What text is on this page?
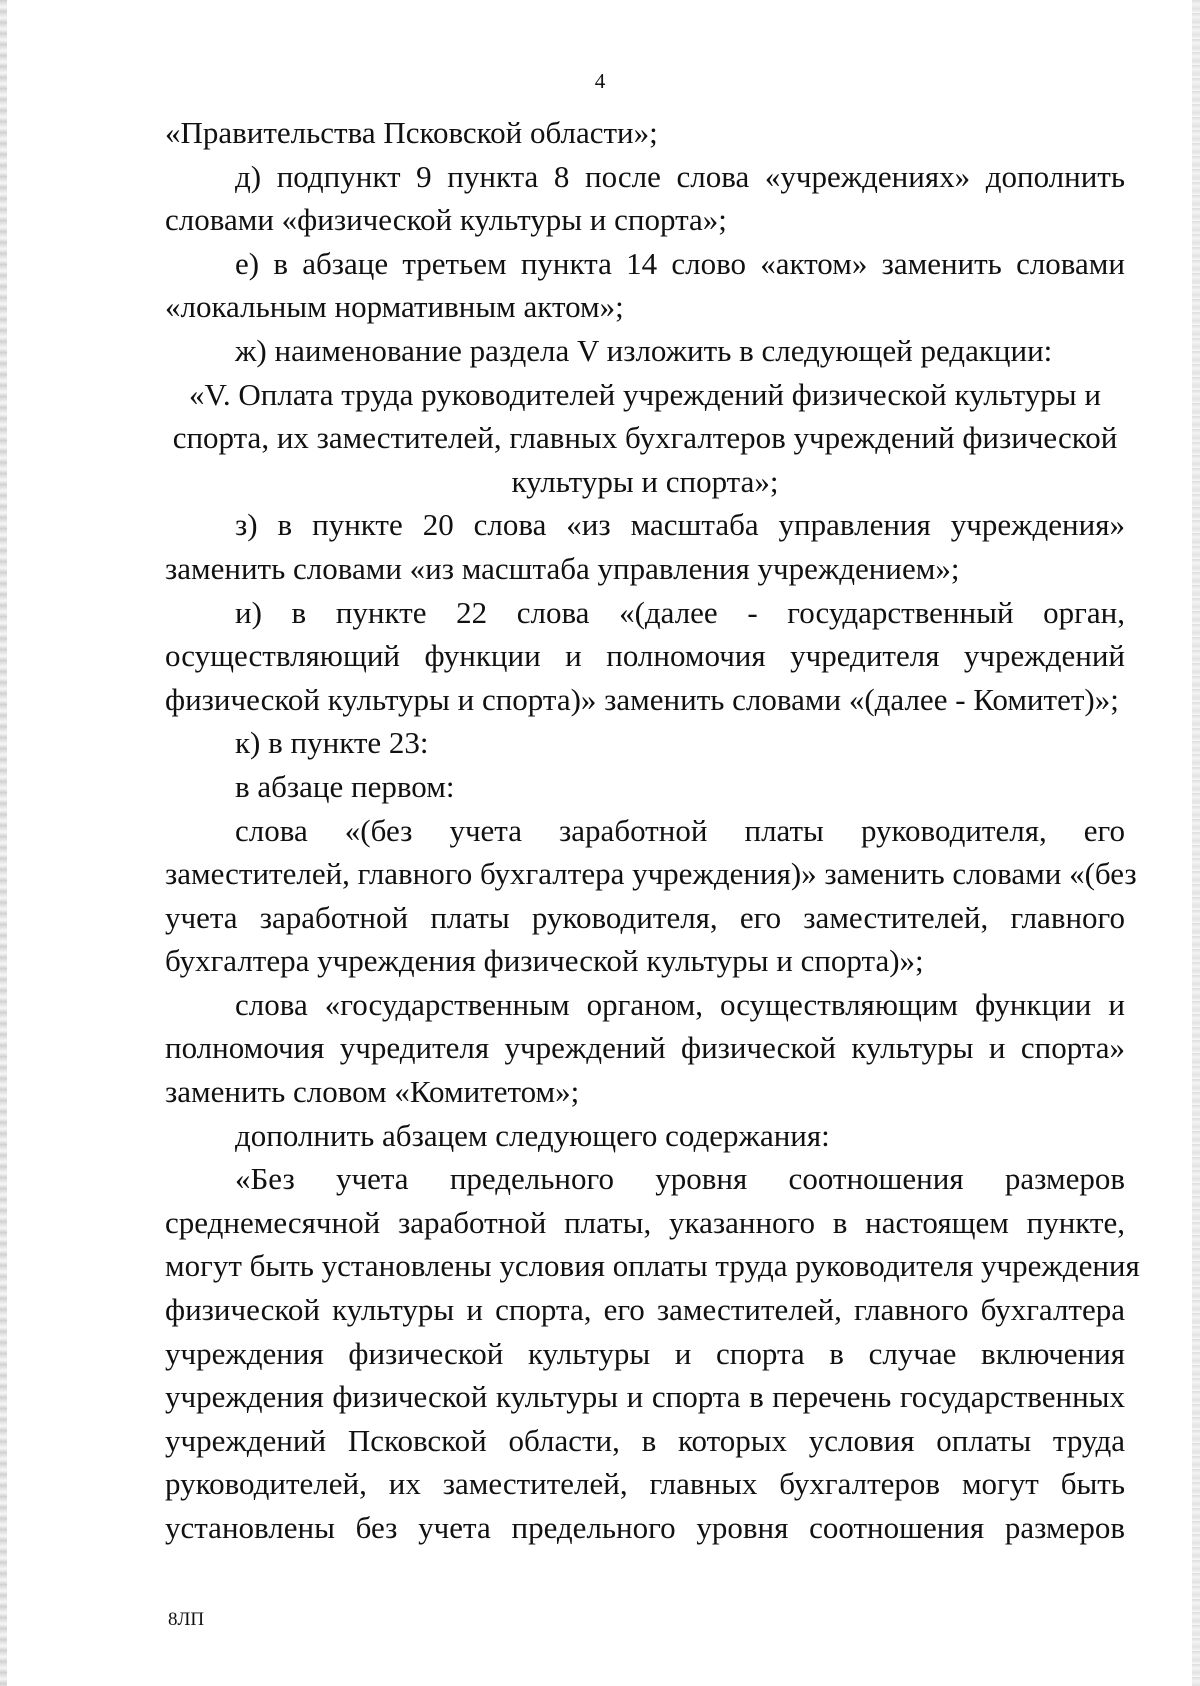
4
«Правительства Псковской области»;
д) подпункт 9 пункта 8 после слова «учреждениях» дополнить
словами «физической культуры и спорта»;
е) в абзаце третьем пункта 14 слово «актом» заменить словами
«локальным нормативным актом»;
ж) наименование раздела V изложить в следующей редакции:
«V. Оплата труда руководителей учреждений физической культуры и
спорта, их заместителей, главных бухгалтеров учреждений физической
культуры и спорта»;
з) в пункте 20 слова «из масштаба управления учреждения»
заменить словами «из масштаба управления учреждением»;
и) в пункте 22 слова «(далее - государственный орган,
осуществляющий функции и полномочия учредителя учреждений
физической культуры и спорта)» заменить словами «(далее - Комитет)»;
к) в пункте 23:
в абзаце первом:
слова «(без учета заработной платы руководителя, его
заместителей, главного бухгалтера учреждения)» заменить словами «(без
учета заработной платы руководителя, его заместителей, главного
бухгалтера учреждения физической культуры и спорта)»;
слова «государственным органом, осуществляющим функции и
полномочия учредителя учреждений физической культуры и спорта»
заменить словом «Комитетом»;
дополнить абзацем следующего содержания:
«Без учета предельного уровня соотношения размеров
среднемесячной заработной платы, указанного в настоящем пункте,
могут быть установлены условия оплаты труда руководителя учреждения
физической культуры и спорта, его заместителей, главного бухгалтера
учреждения физической культуры и спорта в случае включения
учреждения физической культуры и спорта в перечень государственных
учреждений Псковской области, в которых условия оплаты труда
руководителей, их заместителей, главных бухгалтеров могут быть
установлены без учета предельного уровня соотношения размеров
8ЛП
